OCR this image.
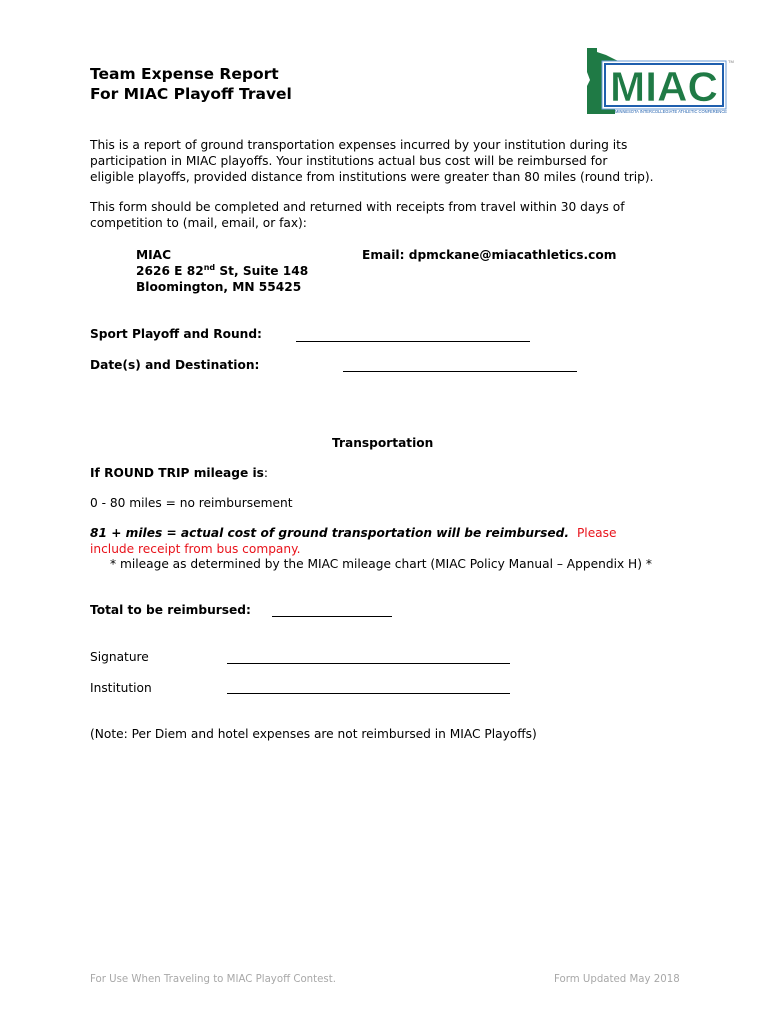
MIAC
MINNESOTA INTERCOLLEGIATE ATHLETIC CONFERENCE
TM
Team Expense Report
For MIAC Playoff Travel
This is a report of ground transportation expenses incurred by your institution during its
participation in MIAC playoffs. Your institutions actual bus cost will be reimbursed for
eligible playoffs, provided distance from institutions were greater than 80 miles (round trip).
This form should be completed and returned with receipts from travel within 30 days of
competition to (mail, email, or fax):
MIAC
2626 E 82nd St, Suite 148
Bloomington, MN 55425
Email: dpmckane@miacathletics.com
Sport Playoff and Round:
Date(s) and Destination:
Transportation
If ROUND TRIP mileage is:
0 - 80 miles = no reimbursement
81 + miles = actual cost of ground transportation will be reimbursed. Please
include receipt from bus company.
* mileage as determined by the MIAC mileage chart (MIAC Policy Manual – Appendix H) *
Total to be reimbursed:
Signature
Institution
(Note: Per Diem and hotel expenses are not reimbursed in MIAC Playoffs)
For Use When Traveling to MIAC Playoff Contest.	Form Updated May 2018
